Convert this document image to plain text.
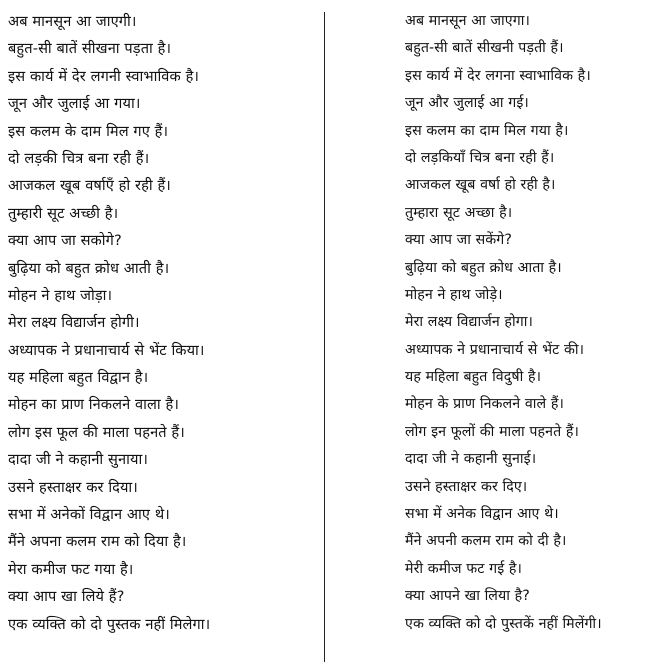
अब मानसून आ जाएगी।
बहुत-सी बातें सीखना पड़ता है।
इस कार्य में देर लगनी स्वाभाविक है।
जून और जुलाई आ गया।
इस कलम के दाम मिल गए हैं।
दो लड़की चित्र बना रही हैं।
आजकल खूब वर्षाएँ हो रही हैं।
तुम्हारी सूट अच्छी है।
क्या आप जा सकोगे?
बुढ़िया को बहुत क्रोध आती है।
मोहन ने हाथ जोड़ा।
मेरा लक्ष्य विद्यार्जन होगी।
अध्यापक ने प्रधानाचार्य से भेंट किया।
यह महिला बहुत विद्वान है।
मोहन का प्राण निकलने वाला है।
लोग इस फूल की माला पहनते हैं।
दादा जी ने कहानी सुनाया।
उसने हस्ताक्षर कर दिया।
सभा में अनेकों विद्वान आए थे।
मैंने अपना कलम राम को दिया है।
मेरा कमीज फट गया है।
क्या आप खा लिये हैं?
एक व्यक्ति को दो पुस्तक नहीं मिलेगा।
अब मानसून आ जाएगा।
बहुत-सी बातें सीखनी पड़ती हैं।
इस कार्य में देर लगना स्वाभाविक है।
जून और जुलाई आ गई।
इस कलम का दाम मिल गया है।
दो लड़कियाँ चित्र बना रही हैं।
आजकल खूब वर्षा हो रही है।
तुम्हारा सूट अच्छा है।
क्या आप जा सकेंगे?
बुढ़िया को बहुत क्रोध आता है।
मोहन ने हाथ जोड़े।
मेरा लक्ष्य विद्यार्जन होगा।
अध्यापक ने प्रधानाचार्य से भेंट की।
यह महिला बहुत विदुषी है।
मोहन के प्राण निकलने वाले हैं।
लोग इन फूलों की माला पहनते हैं।
दादा जी ने कहानी सुनाई।
उसने हस्ताक्षर कर दिए।
सभा में अनेक विद्वान आए थे।
मैंने अपनी कलम राम को दी है।
मेरी कमीज फट गई है।
क्या आपने खा लिया है?
एक व्यक्ति को दो पुस्तकें नहीं मिलेंगी।
